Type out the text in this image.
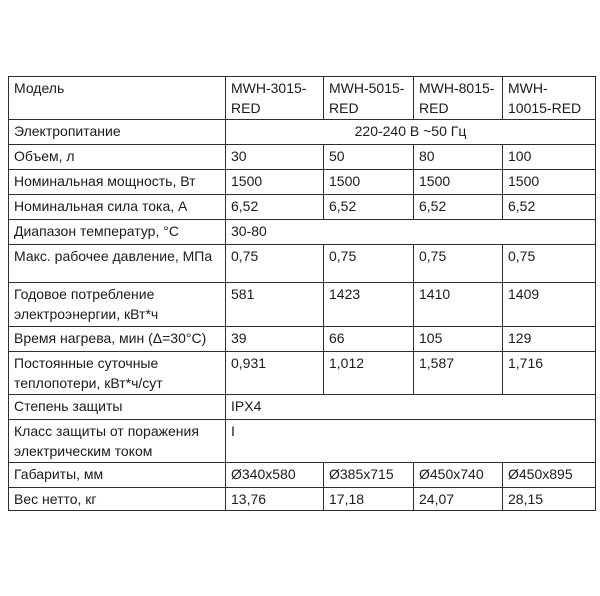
Модель	MWH-3015-RED	MWH-5015-RED	MWH-8015-RED	MWH-10015-RED
Электропитание	220-240 В ~50 Гц			
Объем, л	30	50	80	100
Номинальная мощность, Вт	1500	1500	1500	1500
Номинальная сила тока, А	6,52	6,52	6,52	6,52
Диапазон температур, °С	30-80			
Макс. рабочее давление, МПа	0,75	0,75	0,75	0,75
Годовое потребление электроэнергии, кВт*ч	581	1423	1410	1409
Время нагрева, мин (Δ=30°С)	39	66	105	129
Постоянные суточные теплопотери, кВт*ч/сут	0,931	1,012	1,587	1,716
Степень защиты	IPX4			
Класс защиты от поражения электрическим током	I			
Габариты, мм	Ø340x580	Ø385x715	Ø450x740	Ø450x895
Вес нетто, кг	13,76	17,18	24,07	28,15
